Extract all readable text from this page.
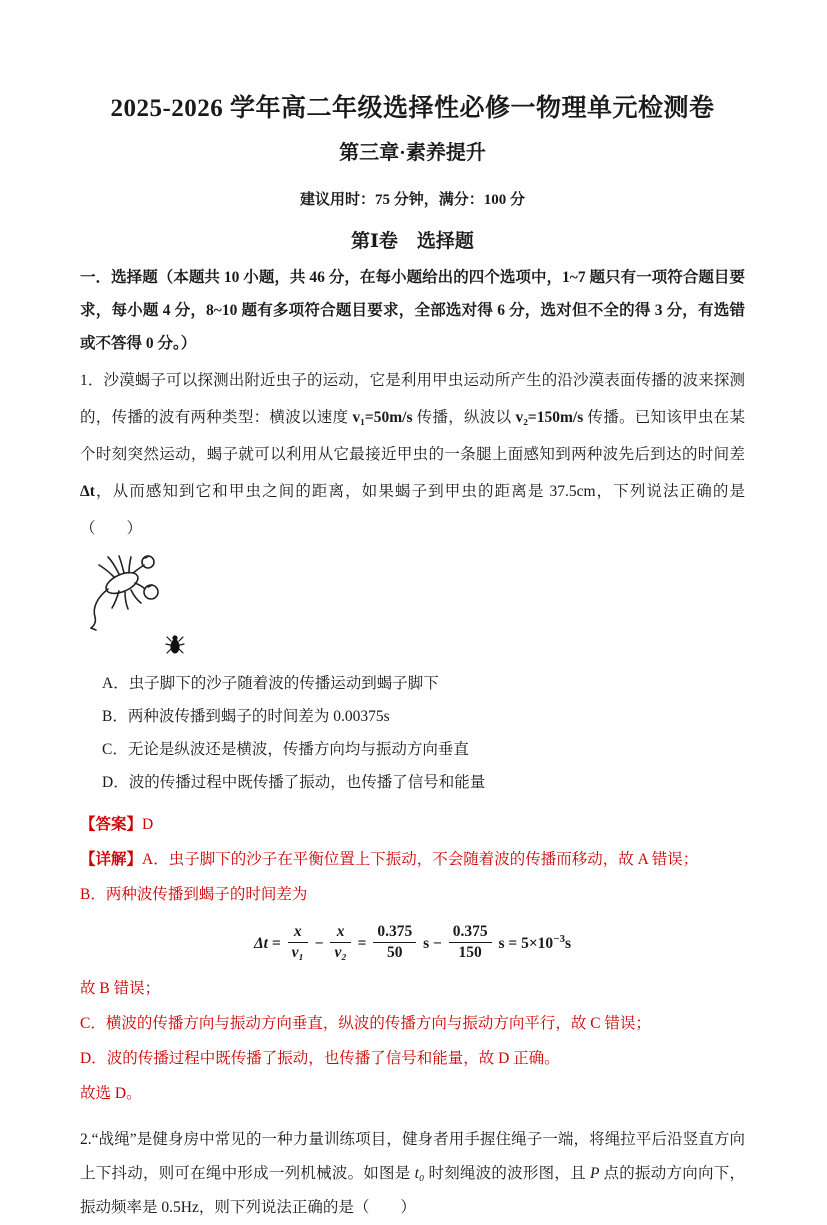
2025-2026 学年高二年级选择性必修一物理单元检测卷
第三章·素养提升

建议用时：75 分钟，满分：100 分

第Ⅰ卷　选择题

一．选择题（本题共 10 小题，共 46 分，在每小题给出的四个选项中，1~7 题只有一项符合题目要求，每小题 4 分，8~10 题有多项符合题目要求，全部选对得 6 分，选对但不全的得 3 分，有选错或不答得 0 分。）

1．沙漠蝎子可以探测出附近虫子的运动，它是利用甲虫运动所产生的沿沙漠表面传播的波来探测的，传播的波有两种类型：横波以速度 v₁=50m/s 传播，纵波以 v₂=150m/s 传播。已知该甲虫在某个时刻突然运动，蝎子就可以利用从它最接近甲虫的一条腿上面感知到两种波先后到达的时间差 Δt，从而感知到它和甲虫之间的距离，如果蝎子到甲虫的距离是 37.5cm，下列说法正确的是（　　）

A．虫子脚下的沙子随着波的传播运动到蝎子脚下
B．两种波传播到蝎子的时间差为 0.00375s
C．无论是纵波还是横波，传播方向均与振动方向垂直
D．波的传播过程中既传播了振动，也传播了信号和能量

【答案】D

【详解】A．虫子脚下的沙子在平衡位置上下振动，不会随着波的传播而移动，故 A 错误；

B．两种波传播到蝎子的时间差为

$\Delta t = \frac{x}{\text{v₁}} - \frac{x}{\text{v₂}} = \frac{0.375}{50}$ $s - \frac{0.375}{150}$ $s = 5\times 10^{-3}s$

故 B 错误；

C．横波的传播方向与振动方向垂直，纵波的传播方向与振动方向平行，故 C 错误；

D．波的传播过程中既传播了振动，也传播了信号和能量，故 D 正确。

故选 D。

2.“战绳”是健身房中常见的一种力量训练项目，健身者用手握住绳子一端，将绳拉平后沿竖直方向上下抖动，则可在绳中形成一列机械波。如图是 t₀ 时刻绳波的波形图，且 P 点的振动方向向下，振动频率是 0.5Hz，则下列说法正确的是（　　）
